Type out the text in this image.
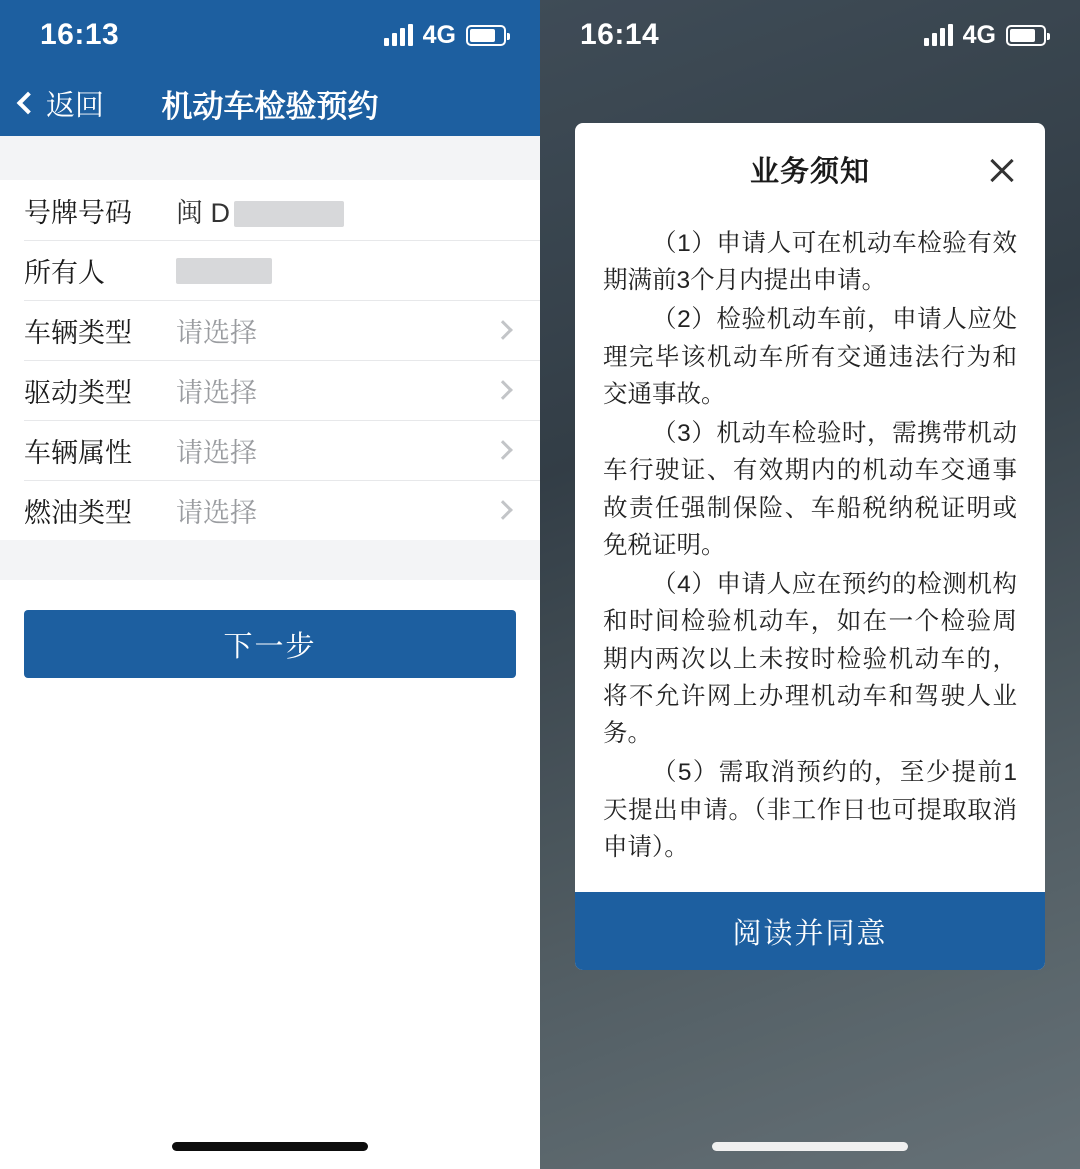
16:13	4G
返回	机动车检验预约
号牌号码	闽 D
所有人
车辆类型	请选择
驱动类型	请选择
车辆属性	请选择
燃油类型	请选择
下一步
16:14	4G
业务须知

（1）申请人可在机动车检验有效期满前3个月内提出申请。

（2）检验机动车前，申请人应处理完毕该机动车所有交通违法行为和交通事故。

（3）机动车检验时，需携带机动车行驶证、有效期内的机动车交通事故责任强制保险、车船税纳税证明或免税证明。

（4）申请人应在预约的检测机构和时间检验机动车，如在一个检验周期内两次以上未按时检验机动车的，将不允许网上办理机动车和驾驶人业务。

（5）需取消预约的，至少提前1天提出申请。（非工作日也可提取取消申请）。

阅读并同意
